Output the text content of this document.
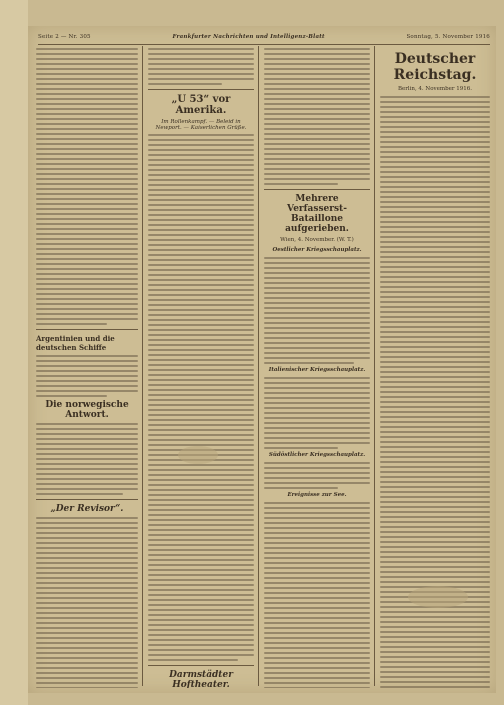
Seite 2 — Nr. 305	Frankfurter Nachrichten und Intelligenz-Blatt	Sonntag, 5. November 1916
Argentinien und die deutschen Schiffe
Die norwegische Antwort.
„Der Revisor“.
„U 53“ vor Amerika.
Im Rollenkampf. — Beleid in Newport. — Kaiserlichen Grüße.
Darmstädter Hoftheater.
Mehrere Verfasserst-Bataillone aufgerieben.
Wien, 4. November. (W. T.)
Oestlicher Kriegsschauplatz.
Italienischer Kriegsschauplatz.
Südöstlicher Kriegsschauplatz.
Ereignisse zur See.
Deutscher Reichstag.
Berlin, 4. November 1916.
